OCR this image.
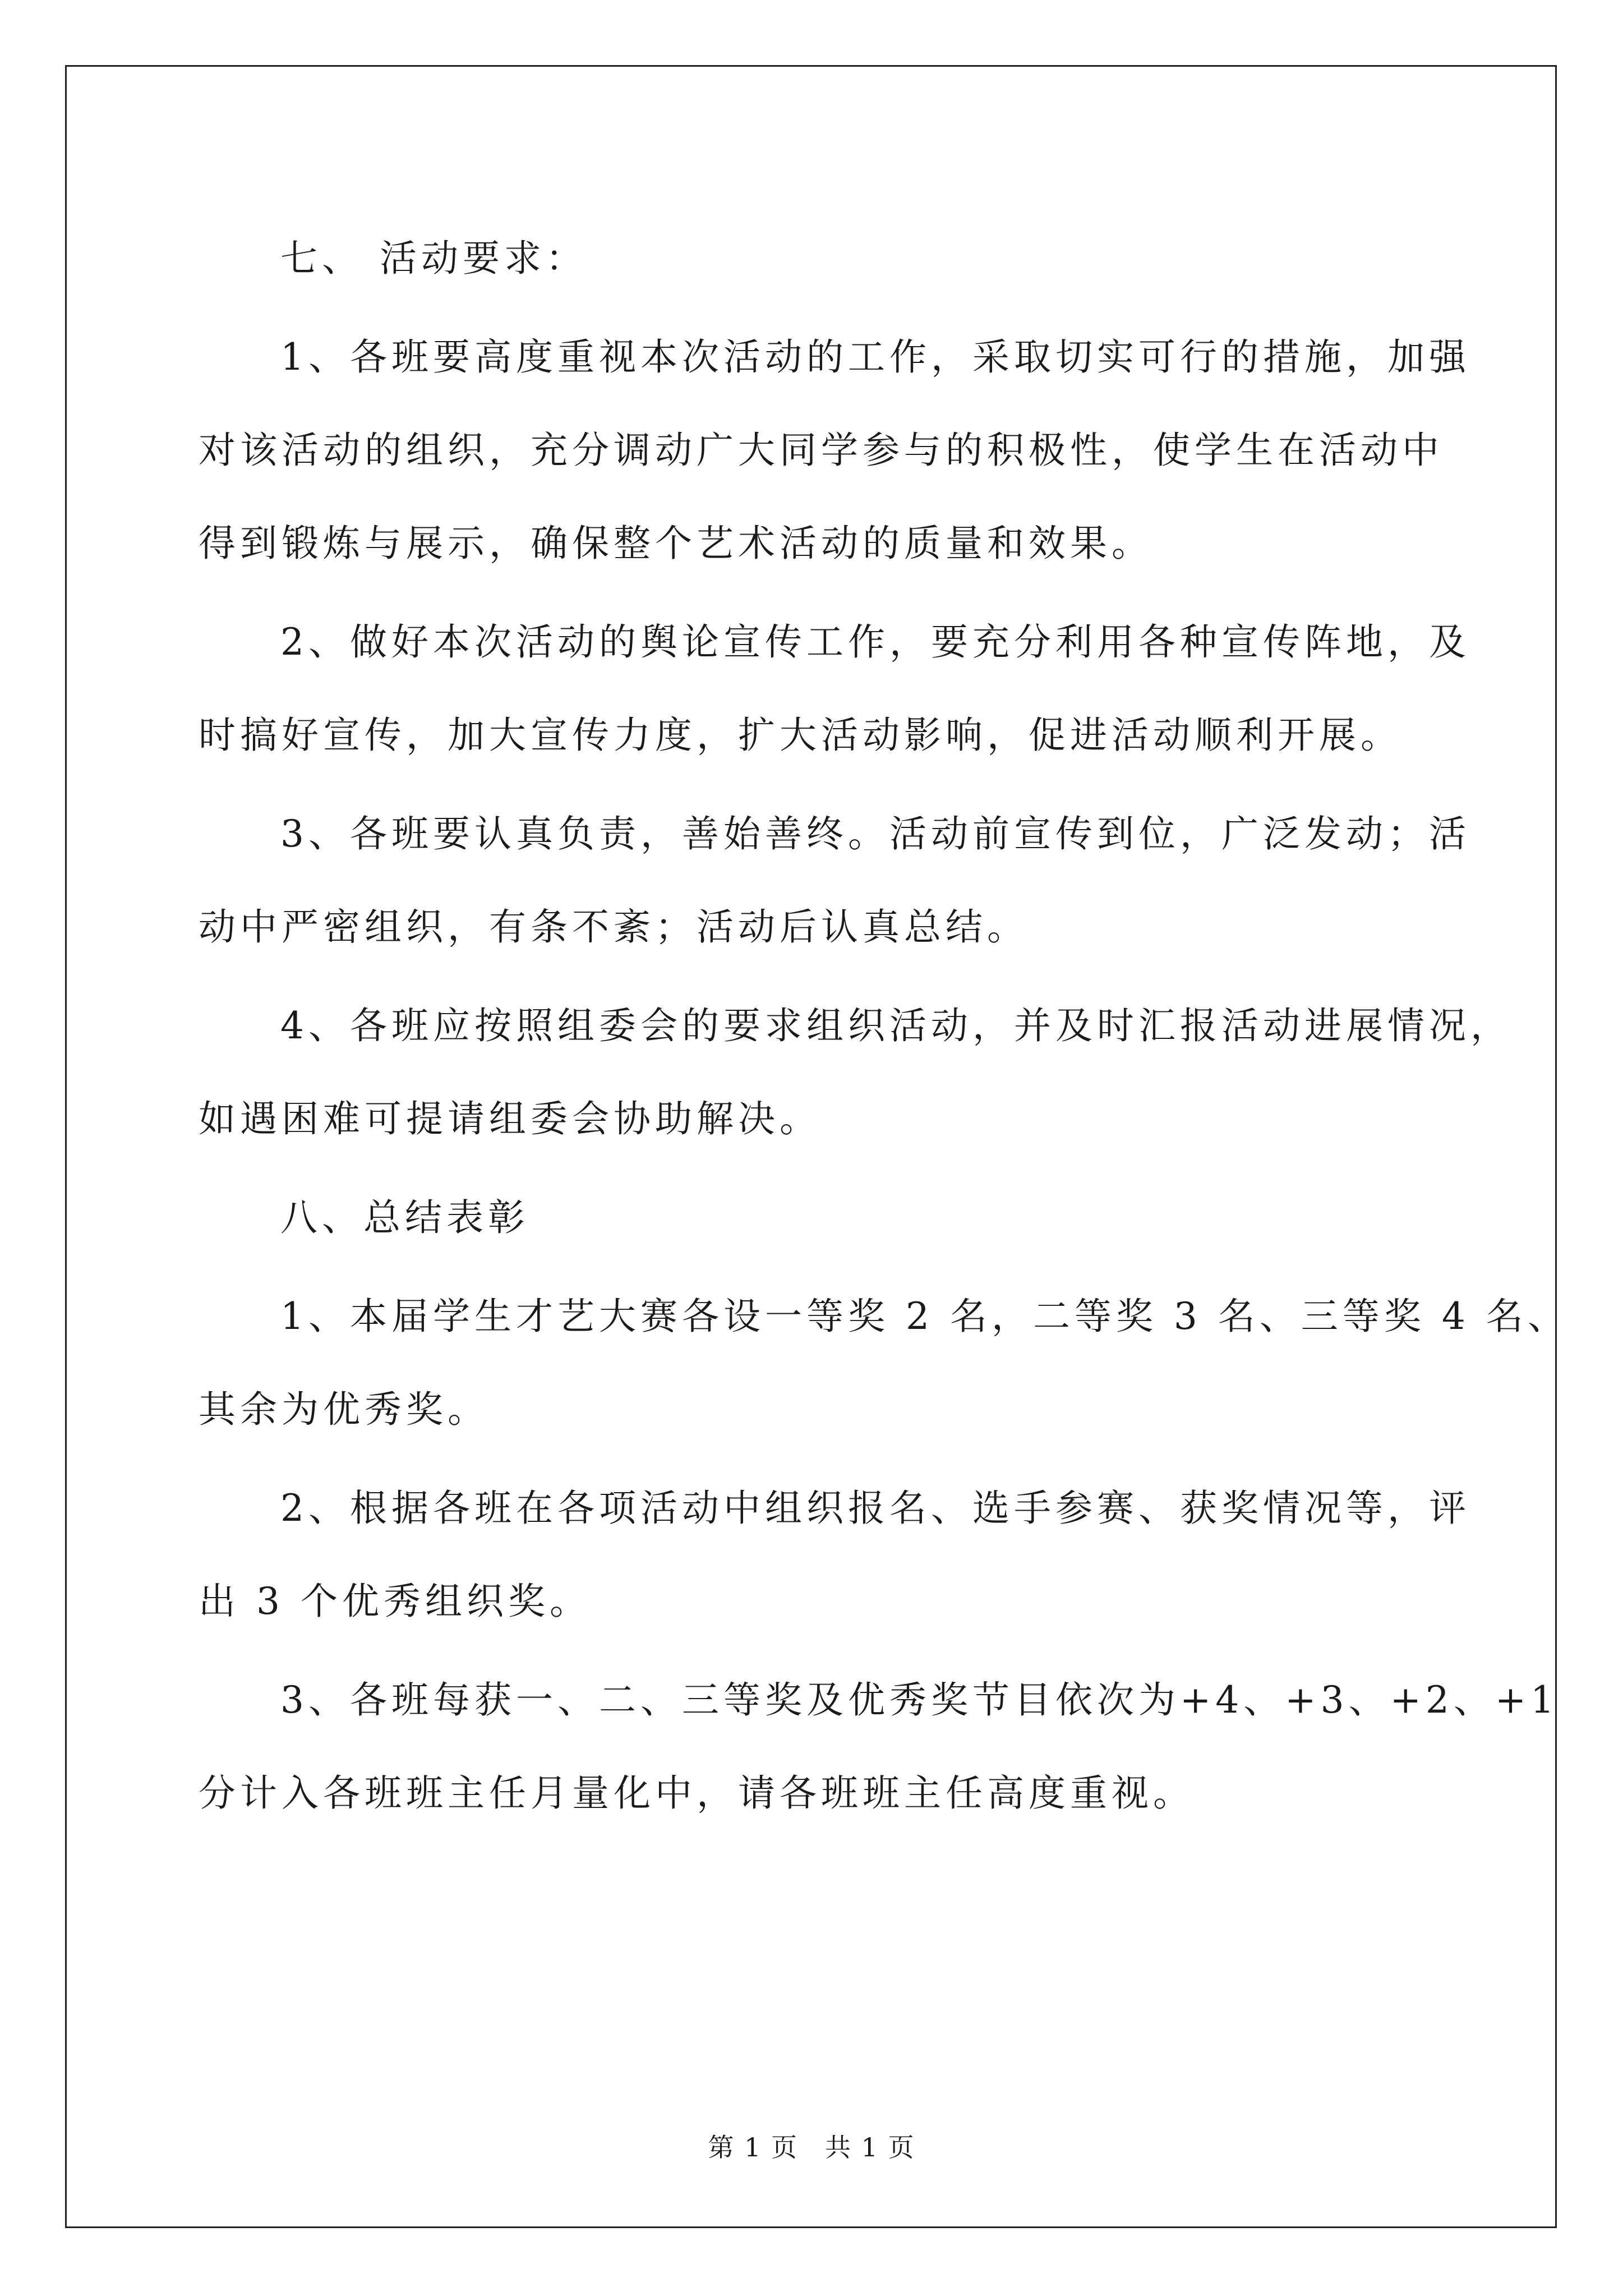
七、 活动要求：

1、各班要高度重视本次活动的工作，采取切实可行的措施，加强
对该活动的组织，充分调动广大同学参与的积极性，使学生在活动中
得到锻炼与展示，确保整个艺术活动的质量和效果。

2、做好本次活动的舆论宣传工作，要充分利用各种宣传阵地，及
时搞好宣传，加大宣传力度，扩大活动影响，促进活动顺利开展。

3、各班要认真负责，善始善终。活动前宣传到位，广泛发动；活
动中严密组织，有条不紊；活动后认真总结。

4、各班应按照组委会的要求组织活动，并及时汇报活动进展情况，
如遇困难可提请组委会协助解决。

八、总结表彰

1、本届学生才艺大赛各设一等奖 2 名，二等奖 3 名、三等奖 4 名、
其余为优秀奖。

2、根据各班在各项活动中组织报名、选手参赛、获奖情况等，评
出 3 个优秀组织奖。

3、各班每获一、二、三等奖及优秀奖节目依次为+4、+3、+2、+1
分计入各班班主任月量化中，请各班班主任高度重视。

第 1 页　共 1 页
